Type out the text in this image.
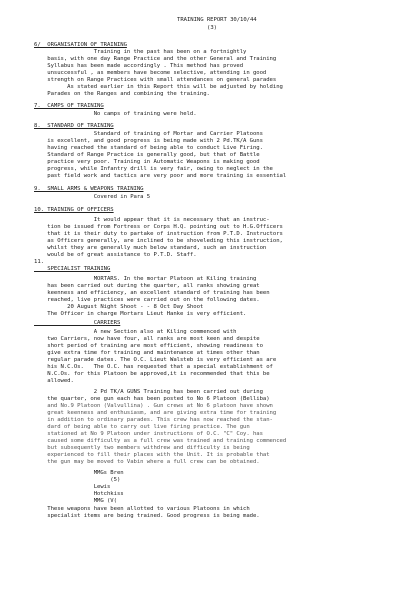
TRAINING REPORT 30/10/44
(3)
6/  ORGANISATION OF TRAINING
Training in the past has been on a fortnightly
basis, with one day Range Practice and the other General and Training
Syllabus has been made accordingly . This method has proved
unsuccessful , as members have become selective, attending in good
strength on Range Practices with small attendances on general parades
As stated earlier in this Report this will be adjusted by holding
Parades on the Ranges and combining the training.
7.  CAMPS OF TRAINING
No camps of training were held.
8.  STANDARD OF TRAINING
Standard of training of Mortar and Carrier Platoons
is excellent, and good progress is being made with 2 Pd.TK/A Guns
having reached the standard of being able to conduct Live Firing.
Standard of Range Practice is generally good, but that of Battle
practice very poor. Training in Automatic Weapons is making good
progress, while Infantry drill is very fair, owing to neglect in the
past field work and tactics are very poor and more training is essential
9.  SMALL ARMS & WEAPONS TRAINING
Covered in Para 5
10. TRAINING OF OFFICERS
It would appear that it is necessary that an instruc-
tion be issued from Fortress or Corps H.Q. pointing out to H.G.Officers
that it is their duty to partake of instruction from P.T.D. Instructors
as Officers generally, are inclined to be shoveleding this instruction,
whilst they are generally much below standard, such an instruction
would be of great assistance to P.T.D. Staff.
11.
SPECIALIST TRAINING
MORTARS. In the mortar Platoon at Kiling training
has been carried out during the quarter, all ranks showing great
keenness and efficiency, an excellent standard of training has been
reached, live practices were carried out on the following dates.
20 August Night Shoot - - 8 Oct Day Shoot
The Officer in charge Mortars Lieut Hanke is very efficient.
CARRIERS
A new Section also at Kiling commenced with
two Carriers, now have four, all ranks are most keen and despite
short period of training are most efficient, showing readiness to
give extra time for training and maintenance at times other than
regular parade dates. The O.C. Lieut Walsteb is very efficient as are
his N.C.Os.   The O.C. has requested that a special establishment of
N.C.Os. for this Platoon be approved,it is recommended that this be
allowed.
2 Pd TK/A GUNS Training has been carried out during
the quarter, one gun each has been posted to No 6 Platoon (Belliba)
and No.9 Platoon (Valvullina) . Gun crews at No 6 platoon have shown
great keenness and enthusiasm, and are giving extra time for training
in addition to ordinary parades. This crew has now reached the stan-
dard of being able to carry out live firing practice. The gun
stationed at No 9 Platoon under instructions of O.C. "C" Coy. has
caused some difficulty as a full crew was trained and training commenced
but subsequently two members withdrew and difficulty is being
experienced to fill their places with the Unit. It is probable that
the gun may be moved to Vabin where a full crew can be obtained.
MMGs Bren
(5)
Lewis
Hotchkiss
MMG (V(
These weapons have been allotted to various Platoons in which
specialist items are being trained. Good progress is being made.
